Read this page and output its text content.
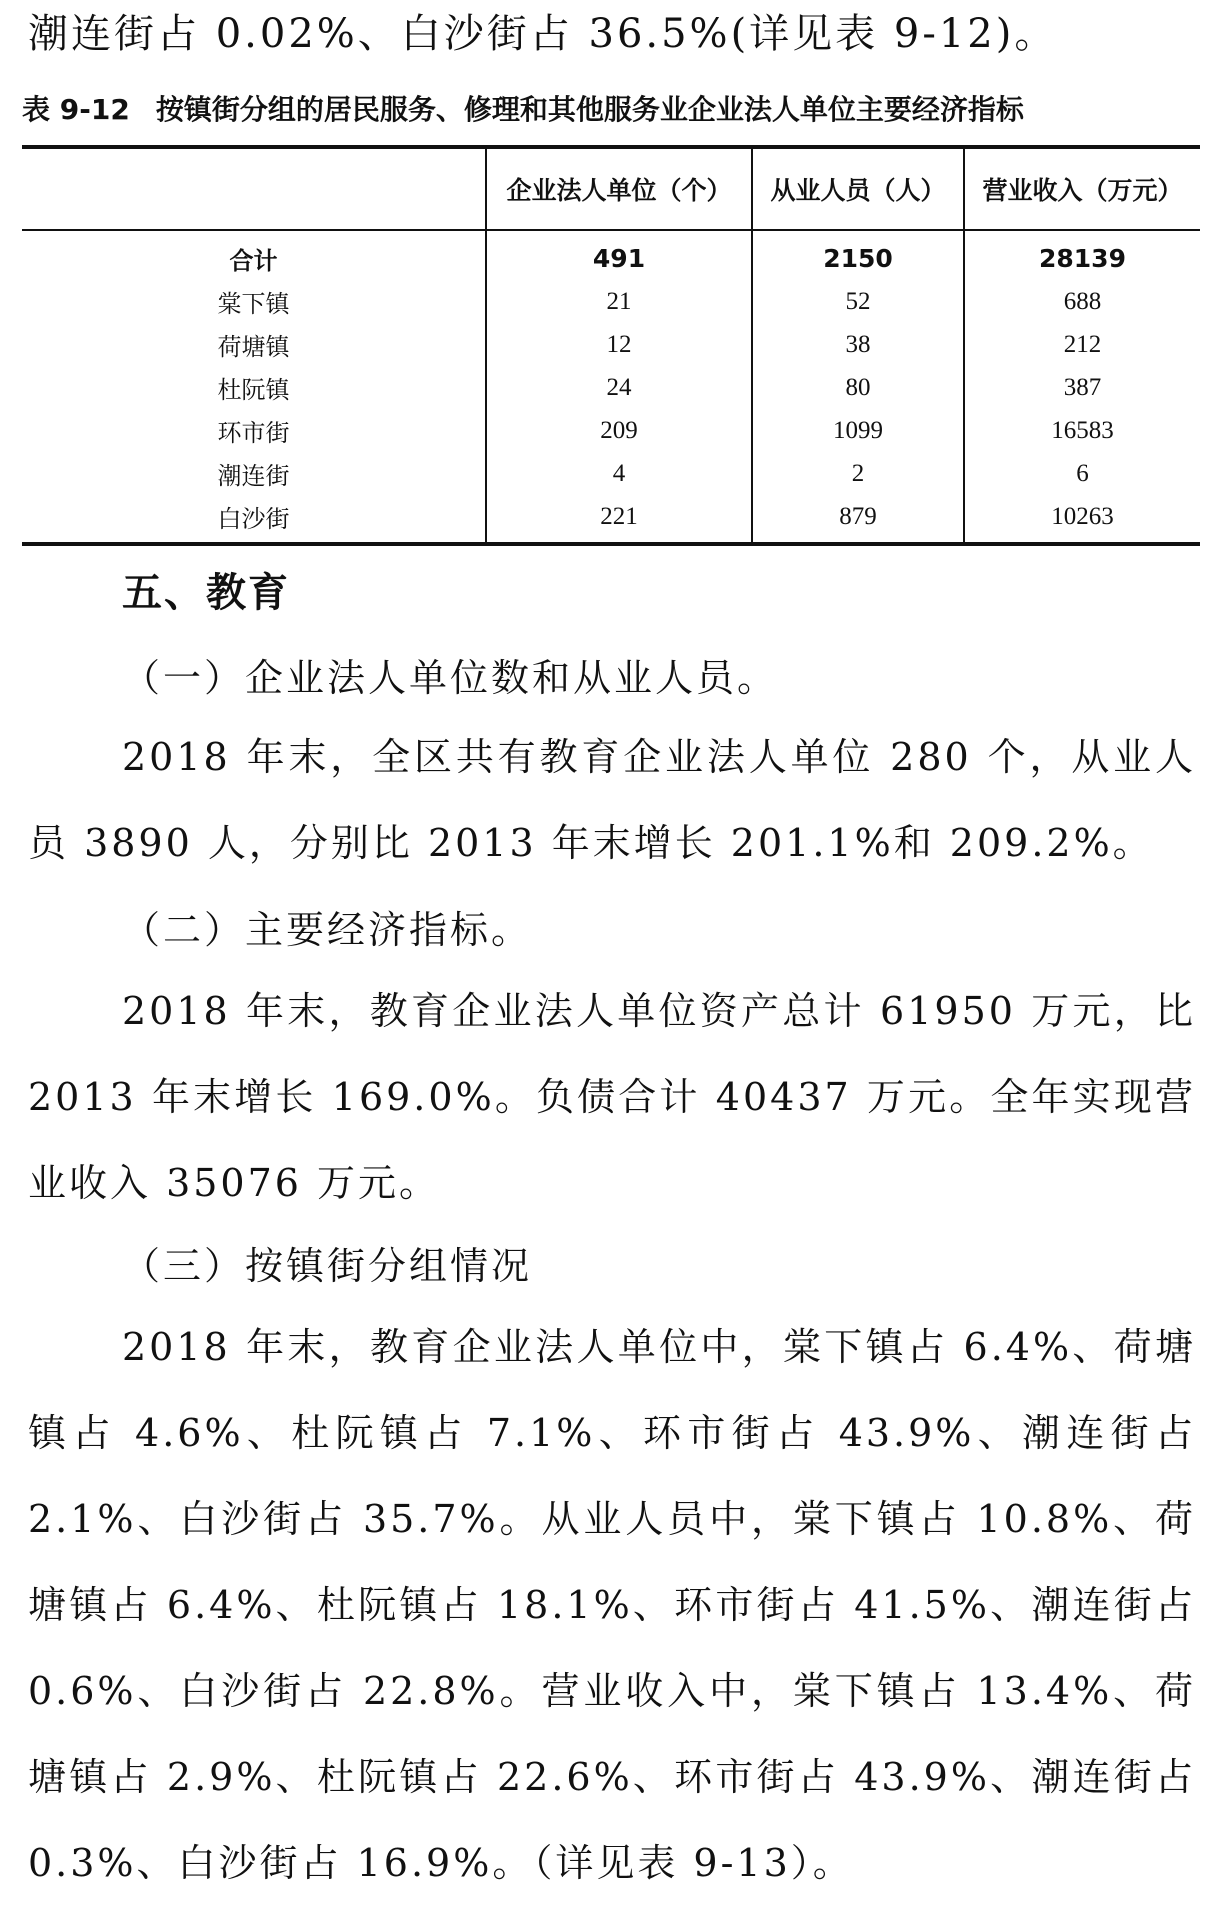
潮连街占 0.02%、白沙街占 36.5%(详见表 9-12)。
表 9-12 按镇街分组的居民服务、修理和其他服务业企业法人单位主要经济指标
	企业法人单位（个）	从业人员（人）	营业收入（万元）
合计	491	2150	28139
棠下镇	21	52	688
荷塘镇	12	38	212
杜阮镇	24	80	387
环市街	209	1099	16583
潮连街	4	2	6
白沙街	221	879	10263
五、教育
（一）企业法人单位数和从业人员。

2018 年末，全区共有教育企业法人单位 280 个，从业人员 3890 人，分别比 2013 年末增长 201.1%和 209.2%。

（二）主要经济指标。

2018 年末，教育企业法人单位资产总计 61950 万元，比 2013 年末增长 169.0%。负债合计 40437 万元。全年实现营业收入 35076 万元。

（三）按镇街分组情况

2018 年末，教育企业法人单位中，棠下镇占 6.4%、荷塘镇占 4.6%、杜阮镇占 7.1%、环市街占 43.9%、潮连街占 2.1%、白沙街占 35.7%。从业人员中，棠下镇占 10.8%、荷塘镇占 6.4%、杜阮镇占 18.1%、环市街占 41.5%、潮连街占 0.6%、白沙街占 22.8%。营业收入中，棠下镇占 13.4%、荷塘镇占 2.9%、杜阮镇占 22.6%、环市街占 43.9%、潮连街占 0.3%、白沙街占 16.9%。（详见表 9-13）。
